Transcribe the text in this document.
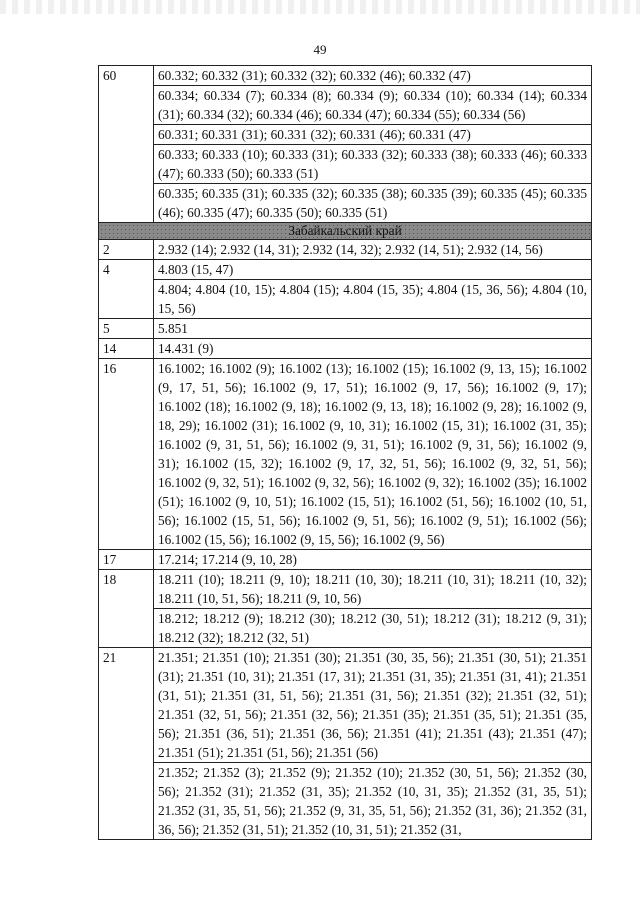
49
60	60.332; 60.332 (31); 60.332 (32); 60.332 (46); 60.332 (47)
	60.334; 60.334 (7); 60.334 (8); 60.334 (9); 60.334 (10); 60.334 (14); 60.334 (31); 60.334 (32); 60.334 (46); 60.334 (47); 60.334 (55); 60.334 (56)
	60.331; 60.331 (31); 60.331 (32); 60.331 (46); 60.331 (47)
	60.333; 60.333 (10); 60.333 (31); 60.333 (32); 60.333 (38); 60.333 (46); 60.333 (47); 60.333 (50); 60.333 (51)
	60.335; 60.335 (31); 60.335 (32); 60.335 (38); 60.335 (39); 60.335 (45); 60.335 (46); 60.335 (47); 60.335 (50); 60.335 (51)
Забайкальский край	
2	2.932 (14); 2.932 (14, 31); 2.932 (14, 32); 2.932 (14, 51); 2.932 (14, 56)
4	4.803 (15, 47)
	4.804; 4.804 (10, 15); 4.804 (15); 4.804 (15, 35); 4.804 (15, 36, 56); 4.804 (10, 15, 56)
5	5.851
14	14.431 (9)
16	16.1002; 16.1002 (9); 16.1002 (13); 16.1002 (15); 16.1002 (9, 13, 15); 16.1002 (9, 17, 51, 56); 16.1002 (9, 17, 51); 16.1002 (9, 17, 56); 16.1002 (9, 17); 16.1002 (18); 16.1002 (9, 18); 16.1002 (9, 13, 18); 16.1002 (9, 28); 16.1002 (9, 18, 29); 16.1002 (31); 16.1002 (9, 10, 31); 16.1002 (15, 31); 16.1002 (31, 35); 16.1002 (9, 31, 51, 56); 16.1002 (9, 31, 51); 16.1002 (9, 31, 56); 16.1002 (9, 31); 16.1002 (15, 32); 16.1002 (9, 17, 32, 51, 56); 16.1002 (9, 32, 51, 56); 16.1002 (9, 32, 51); 16.1002 (9, 32, 56); 16.1002 (9, 32); 16.1002 (35); 16.1002 (51); 16.1002 (9, 10, 51); 16.1002 (15, 51); 16.1002 (51, 56); 16.1002 (10, 51, 56); 16.1002 (15, 51, 56); 16.1002 (9, 51, 56); 16.1002 (9, 51); 16.1002 (56); 16.1002 (15, 56); 16.1002 (9, 15, 56); 16.1002 (9, 56)
17	17.214; 17.214 (9, 10, 28)
18	18.211 (10); 18.211 (9, 10); 18.211 (10, 30); 18.211 (10, 31); 18.211 (10, 32); 18.211 (10, 51, 56); 18.211 (9, 10, 56)
	18.212; 18.212 (9); 18.212 (30); 18.212 (30, 51); 18.212 (31); 18.212 (9, 31); 18.212 (32); 18.212 (32, 51)
21	21.351; 21.351 (10); 21.351 (30); 21.351 (30, 35, 56); 21.351 (30, 51); 21.351 (31); 21.351 (10, 31); 21.351 (17, 31); 21.351 (31, 35); 21.351 (31, 41); 21.351 (31, 51); 21.351 (31, 51, 56); 21.351 (31, 56); 21.351 (32); 21.351 (32, 51); 21.351 (32, 51, 56); 21.351 (32, 56); 21.351 (35); 21.351 (35, 51); 21.351 (35, 56); 21.351 (36, 51); 21.351 (36, 56); 21.351 (41); 21.351 (43); 21.351 (47); 21.351 (51); 21.351 (51, 56); 21.351 (56)
	21.352; 21.352 (3); 21.352 (9); 21.352 (10); 21.352 (30, 51, 56); 21.352 (30, 56); 21.352 (31); 21.352 (31, 35); 21.352 (10, 31, 35); 21.352 (31, 35, 51); 21.352 (31, 35, 51, 56); 21.352 (9, 31, 35, 51, 56); 21.352 (31, 36); 21.352 (31, 36, 56); 21.352 (31, 51); 21.352 (10, 31, 51); 21.352 (31,
